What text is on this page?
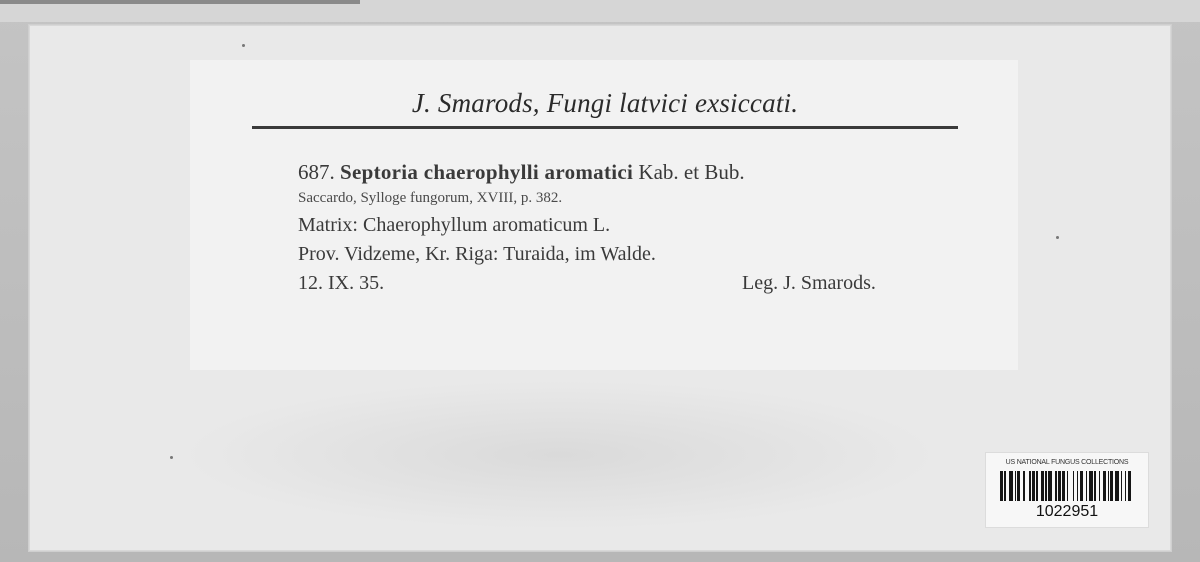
J. Smarods, Fungi latvici exsiccati.
687. Septoria chaerophylli aromatici Kab. et Bub.
Saccardo, Sylloge fungorum, XVIII, p. 382.
Matrix: Chaerophyllum aromaticum L.
Prov. Vidzeme, Kr. Riga: Turaida, im Walde.
12. IX. 35.	Leg. J. Smarods.
US NATIONAL FUNGUS COLLECTIONS
1022951
